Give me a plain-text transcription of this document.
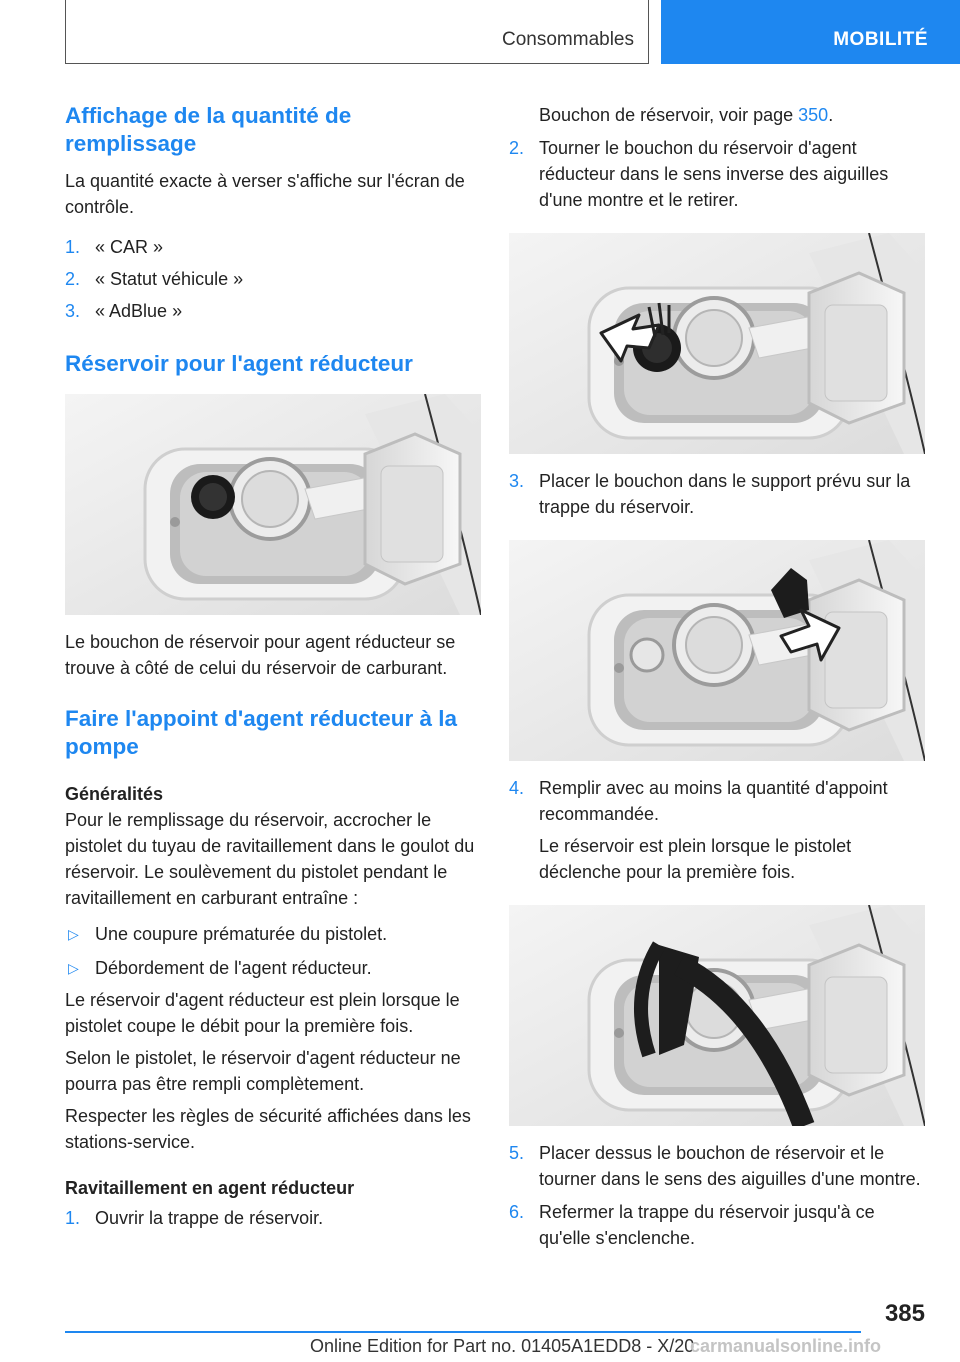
Consommables	MOBILITÉ
Affichage de la quantité de remplissage

La quantité exacte à verser s'affiche sur l'écran de contrôle.

1. « CAR »
2. « Statut véhicule »
3. « AdBlue »
Réservoir pour l'agent réducteur

Le bouchon de réservoir pour agent réducteur se trouve à côté de celui du réservoir de carburant.

Faire l'appoint d'agent réducteur à la pompe
Généralités

Pour le remplissage du réservoir, accrocher le pistolet du tuyau de ravitaillement dans le goulot du réservoir. Le soulèvement du pistolet pendant le ravitaillement en carburant entraîne :

▷ Une coupure prématurée du pistolet.
▷ Débordement de l'agent réducteur.

Le réservoir d'agent réducteur est plein lorsque le pistolet coupe le débit pour la première fois.

Selon le pistolet, le réservoir d'agent réducteur ne pourra pas être rempli complètement.

Respecter les règles de sécurité affichées dans les stations-service.

Ravitaillement en agent réducteur
1. Ouvrir la trappe de réservoir.
Bouchon de réservoir, voir page 350.
2. Tourner le bouchon du réservoir d'agent réducteur dans le sens inverse des aiguilles d'une montre et le retirer.
3. Placer le bouchon dans le support prévu sur la trappe du réservoir.
4. Remplir avec au moins la quantité d'appoint recommandée.

Le réservoir est plein lorsque le pistolet déclenche pour la première fois.

5. Placer dessus le bouchon de réservoir et le tourner dans le sens des aiguilles d'une montre.
6. Refermer la trappe du réservoir jusqu'à ce qu'elle s'enclenche.
385
Online Edition for Part no. 01405A1EDD8 - X/20
carmanualsonline.info
